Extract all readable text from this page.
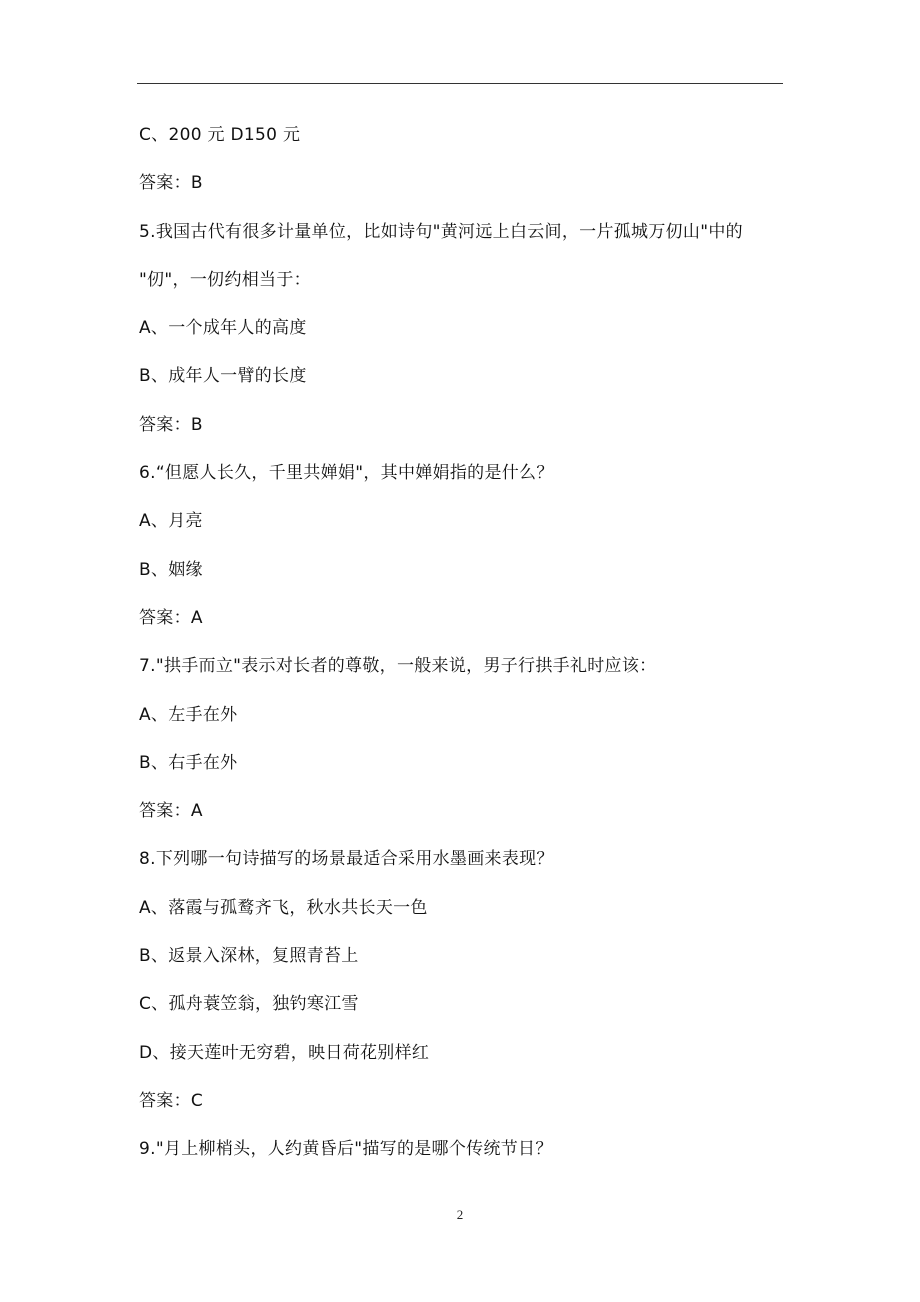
C、200 元 D150 元
答案：B
5.我国古代有很多计量单位，比如诗句"黄河远上白云间，一片孤城万仞山"中的
"仞"，一仞约相当于：
A、一个成年人的高度
B、成年人一臂的长度
答案：B
6.“但愿人长久，千里共婵娟"，其中婵娟指的是什么？
A、月亮
B、姻缘
答案：A
7."拱手而立"表示对长者的尊敬，一般来说，男子行拱手礼时应该：
A、左手在外
B、右手在外
答案：A
8.下列哪一句诗描写的场景最适合采用水墨画来表现？
A、落霞与孤鹜齐飞，秋水共长天一色
B、返景入深林，复照青苔上
C、孤舟蓑笠翁，独钓寒江雪
D、接天莲叶无穷碧，映日荷花别样红
答案：C
9."月上柳梢头，人约黄昏后"描写的是哪个传统节日？
2
